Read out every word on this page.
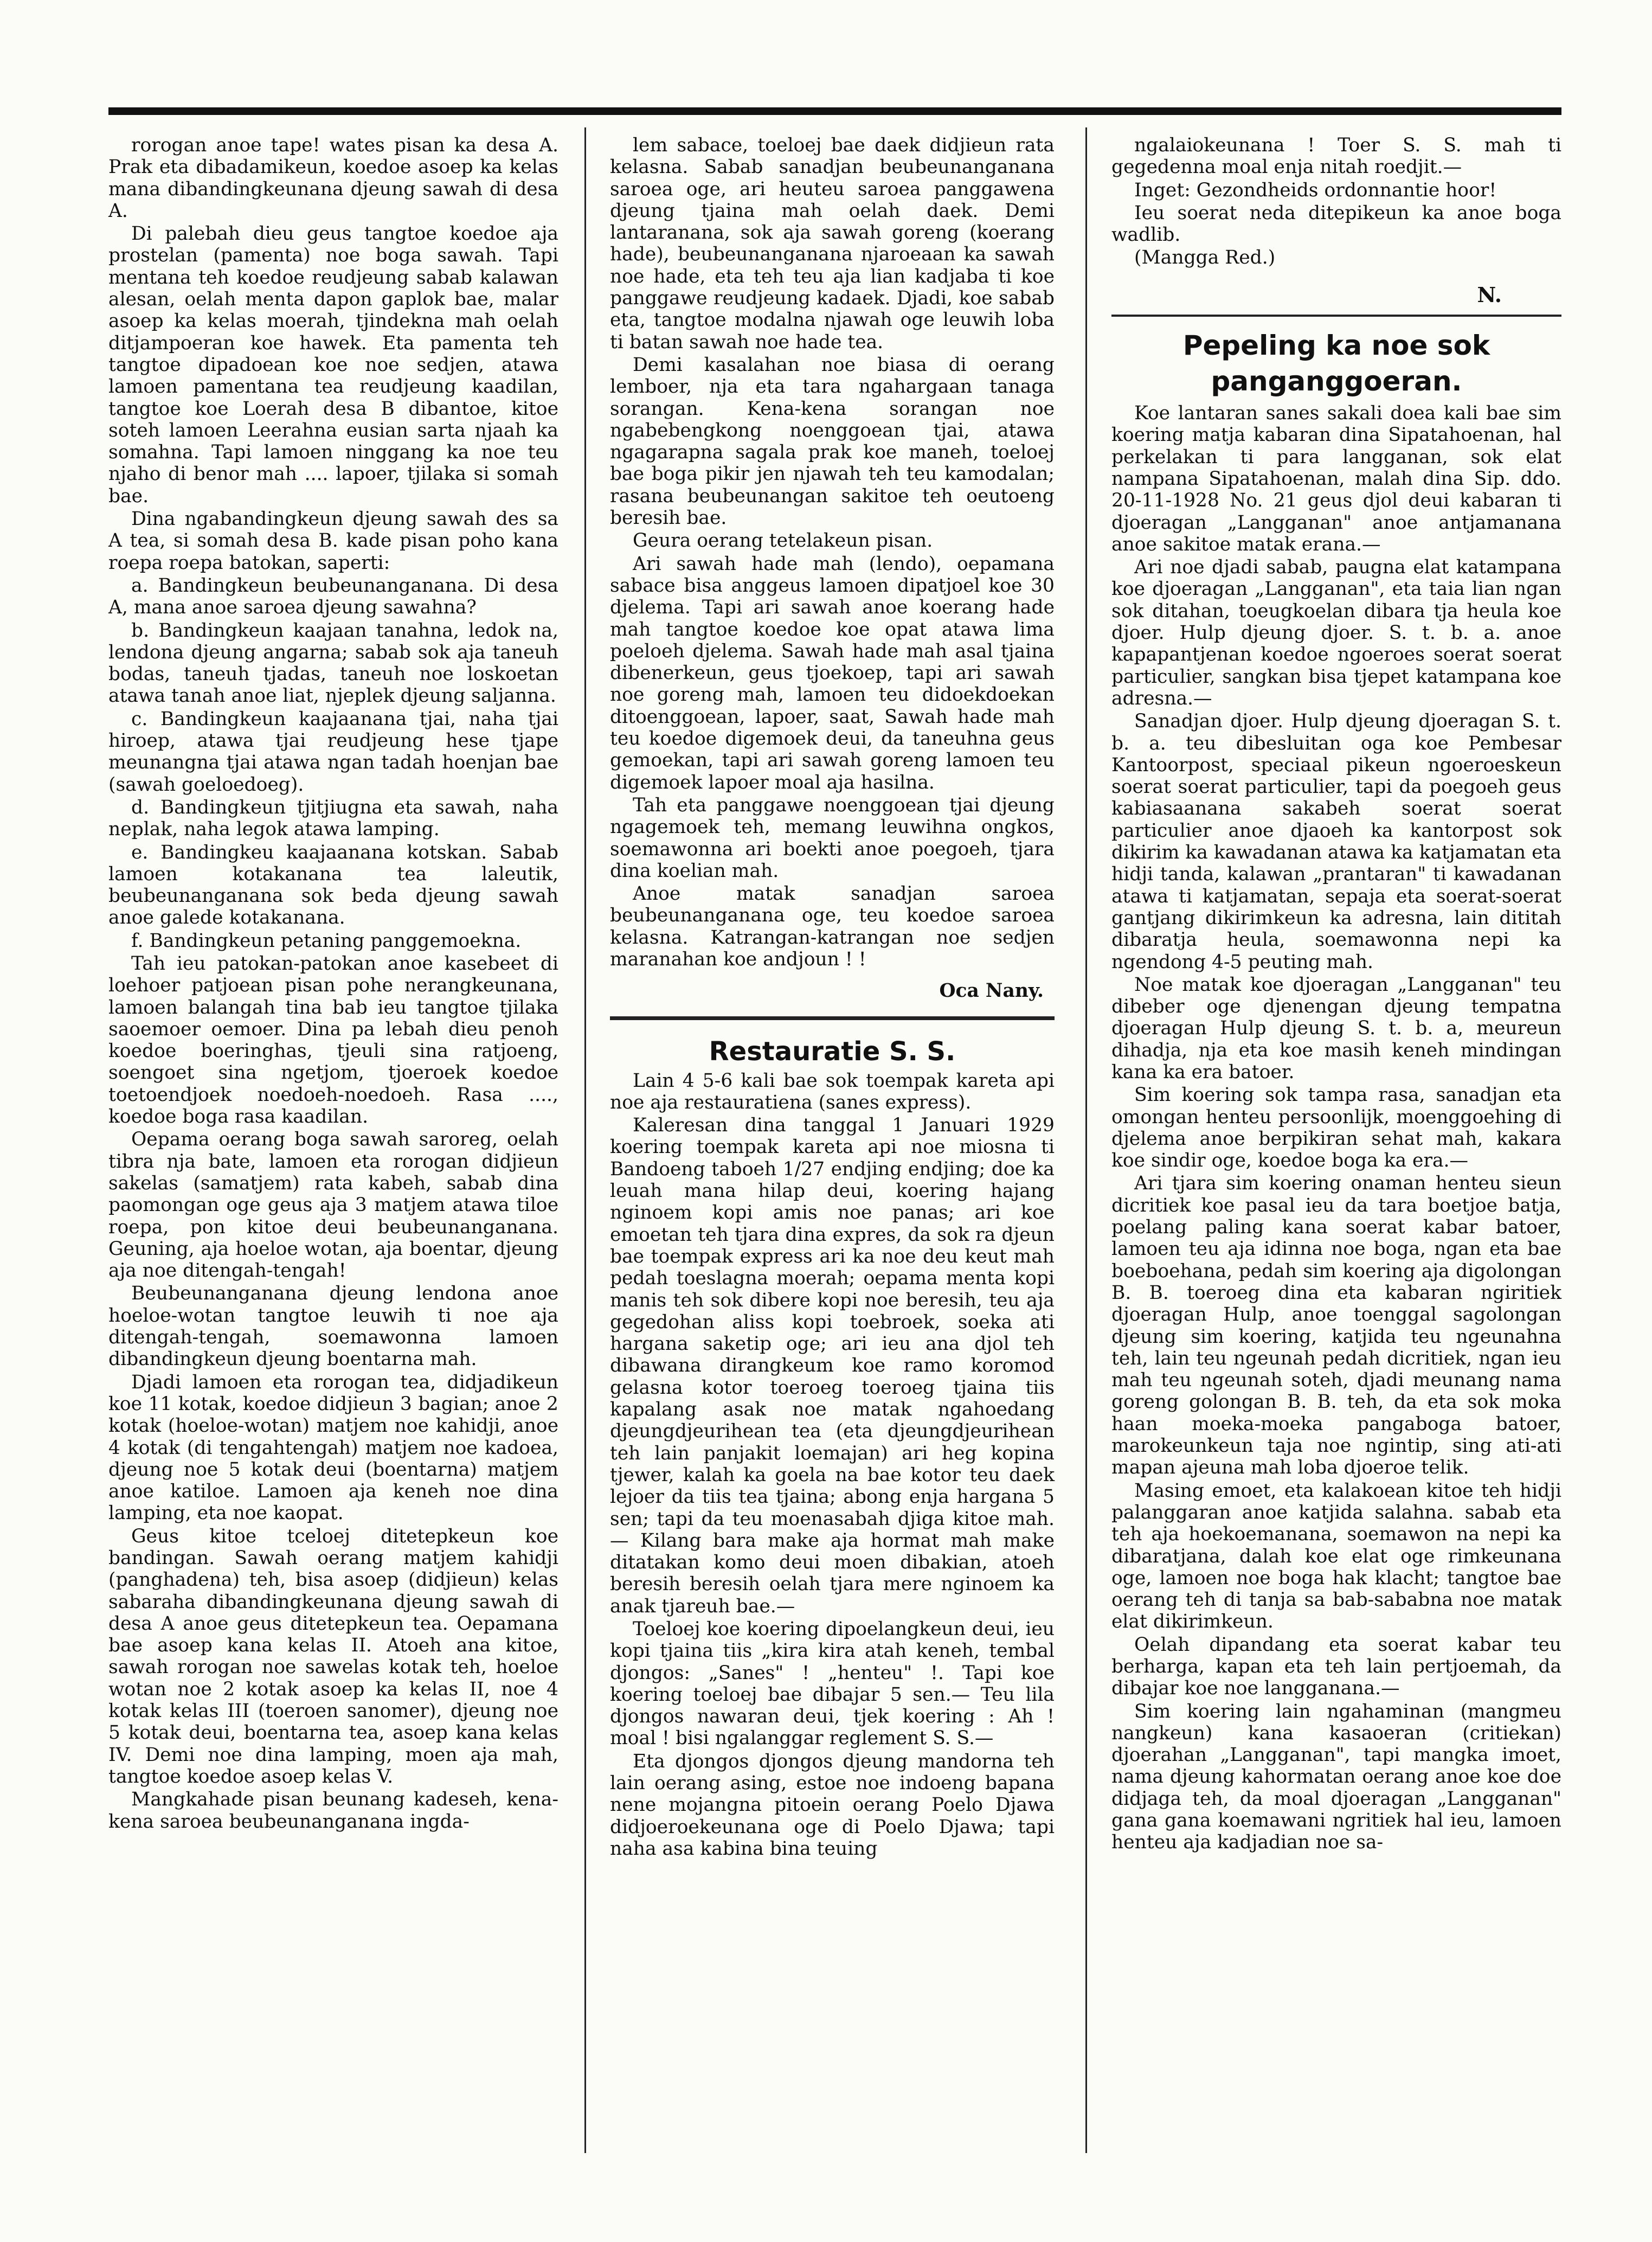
rorogan anoe tape! wates pisan ka desa A. Prak eta dibadamikeun, koedoe asoep ka kelas mana dibandingkeunana djeung sawah di desa A.

Di palebah dieu geus tangtoe koedoe aja prostelan (pamenta) noe boga sawah. Tapi mentana teh koedoe reudjeung sabab kalawan alesan, oelah menta dapon gaplok bae, malar asoep ka kelas moerah, tjindekna mah oelah ditjampoeran koe hawek. Eta pamenta teh tangtoe dipadoean koe noe sedjen, atawa lamoen pamentana tea reudjeung kaadilan, tangtoe koe Loerah desa B dibantoe, kitoe soteh lamoen Leerahna eusian sarta njaah ka somahna. Tapi lamoen ninggang ka noe teu njaho di benor mah .... lapoer, tjilaka si somah bae.

Dina ngabandingkeun djeung sawah des sa A tea, si somah desa B. kade pisan poho kana roepa roepa batokan, saperti:

a. Bandingkeun beubeunanganana. Di desa A, mana anoe saroea djeung sawahna?

b. Bandingkeun kaajaan tanahna, ledok na, lendona djeung angarna; sabab sok aja taneuh bodas, taneuh tjadas, taneuh noe loskoetan atawa tanah anoe liat, njeplek djeung saljanna.

c. Bandingkeun kaajaanana tjai, naha tjai hiroep, atawa tjai reudjeung hese tjape meunangna tjai atawa ngan tadah hoenjan bae (sawah goeloedoeg).

d. Bandingkeun tjitjiugna eta sawah, naha neplak, naha legok atawa lamping.

e. Bandingkeu kaajaanana kotskan. Sabab lamoen kotakanana tea laleutik, beubeunanganana sok beda djeung sawah anoe galede kotakanana.

f. Bandingkeun petaning panggemoekna.

Tah ieu patokan-patokan anoe kasebeet di loehoer patjoean pisan pohe nerangkeunana, lamoen balangah tina bab ieu tangtoe tjilaka saoemoer oemoer. Dina pa lebah dieu penoh koedoe boeringhas, tjeuli sina ratjoeng, soengoet sina ngetjom, tjoeroek koedoe toetoendjoek noedoeh-noedoeh. Rasa ...., koedoe boga rasa kaadilan.

Oepama oerang boga sawah saroreg, oelah tibra nja bate, lamoen eta rorogan didjieun sakelas (samatjem) rata kabeh, sabab dina paomongan oge geus aja 3 matjem atawa tiloe roepa, pon kitoe deui beubeunanganana. Geuning, aja hoeloe wotan, aja boentar, djeung aja noe ditengah-tengah!

Beubeunanganana djeung lendona anoe hoeloe-wotan tangtoe leuwih ti noe aja ditengah-tengah, soemawonna lamoen dibandingkeun djeung boentarna mah.

Djadi lamoen eta rorogan tea, didjadikeun koe 11 kotak, koedoe didjieun 3 bagian; anoe 2 kotak (hoeloe-wotan) matjem noe kahidji, anoe 4 kotak (di tengahtengah) matjem noe kadoea, djeung noe 5 kotak deui (boentarna) matjem anoe katiloe. Lamoen aja keneh noe dina lamping, eta noe kaopat.

Geus kitoe tceloej ditetepkeun koe bandingan. Sawah oerang matjem kahidji (panghadena) teh, bisa asoep (didjieun) kelas sabaraha dibandingkeunana djeung sawah di desa A anoe geus ditetepkeun tea. Oepamana bae asoep kana kelas II. Atoeh ana kitoe, sawah rorogan noe sawelas kotak teh, hoeloe wotan noe 2 kotak asoep ka kelas II, noe 4 kotak kelas III (toeroen sanomer), djeung noe 5 kotak deui, boentarna tea, asoep kana kelas IV. Demi noe dina lamping, moen aja mah, tangtoe koedoe asoep kelas V.

Mangkahade pisan beunang kadeseh, kena-kena saroea beubeunanganana ingda-

lem sabace, toeloej bae daek didjieun rata kelasna. Sabab sanadjan beubeunanganana saroea oge, ari heuteu saroea panggawena djeung tjaina mah oelah daek. Demi lantaranana, sok aja sawah goreng (koerang hade), beubeunanganana njaroeaan ka sawah noe hade, eta teh teu aja lian kadjaba ti koe panggawe reudjeung kadaek. Djadi, koe sabab eta, tangtoe modalna njawah oge leuwih loba ti batan sawah noe hade tea.

Demi kasalahan noe biasa di oerang lemboer, nja eta tara ngahargaan tanaga sorangan. Kena-kena sorangan noe ngabebengkong noenggoean tjai, atawa ngagarapna sagala prak koe maneh, toeloej bae boga pikir jen njawah teh teu kamodalan; rasana beubeunangan sakitoe teh oeutoeng beresih bae.

Geura oerang tetelakeun pisan.

Ari sawah hade mah (lendo), oepamana sabace bisa anggeus lamoen dipatjoel koe 30 djelema. Tapi ari sawah anoe koerang hade mah tangtoe koedoe koe opat atawa lima poeloeh djelema. Sawah hade mah asal tjaina dibenerkeun, geus tjoekoep, tapi ari sawah noe goreng mah, lamoen teu didoekdoekan ditoenggoean, lapoer, saat, Sawah hade mah teu koedoe digemoek deui, da taneuhna geus gemoekan, tapi ari sawah goreng lamoen teu digemoek lapoer moal aja hasilna.

Tah eta panggawe noenggoean tjai djeung ngagemoek teh, memang leuwihna ongkos, soemawonna ari boekti anoe poegoeh, tjara dina koelian mah.

Anoe matak sanadjan saroea beubeunanganana oge, teu koedoe saroea kelasna. Katrangan-katrangan noe sedjen maranahan koe andjoun ! !

Oca Nany.
Restauratie S. S.

Lain 4 5-6 kali bae sok toempak kareta api noe aja restauratiena (sanes express).

Kaleresan dina tanggal 1 Januari 1929 koering toempak kareta api noe miosna ti Bandoeng taboeh 1/27 endjing endjing; doe ka leuah mana hilap deui, koering hajang nginoem kopi amis noe panas; ari koe emoetan teh tjara dina expres, da sok ra djeun bae toempak express ari ka noe deu keut mah pedah toeslagna moerah; oepama menta kopi manis teh sok dibere kopi noe beresih, teu aja gegedohan aliss kopi toebroek, soeka ati hargana saketip oge; ari ieu ana djol teh dibawana dirangkeum koe ramo koromod gelasna kotor toeroeg toeroeg tjaina tiis kapalang asak noe matak ngahoedang djeungdjeurihean tea (eta djeungdjeurihean teh lain panjakit loemajan) ari heg kopina tjewer, kalah ka goela na bae kotor teu daek lejoer da tiis tea tjaina; abong enja hargana 5 sen; tapi da teu moenasabah djiga kitoe mah.— Kilang bara make aja hormat mah make ditatakan komo deui moen dibakian, atoeh beresih beresih oelah tjara mere nginoem ka anak tjareuh bae.—

Toeloej koe koering dipoelangkeun deui, ieu kopi tjaina tiis „kira kira atah keneh, tembal djongos: „Sanes" ! „henteu" !. Tapi koe koering toeloej bae dibajar 5 sen.— Teu lila djongos nawaran deui, tjek koering : Ah ! moal ! bisi ngalanggar reglement S. S.—

Eta djongos djongos djeung mandorna teh lain oerang asing, estoe noe indoeng bapana nene mojangna pitoein oerang Poelo Djawa didjoeroekeunana oge di Poelo Djawa; tapi naha asa kabina bina teuing

ngalaiokeunana ! Toer S. S. mah ti gegedenna moal enja nitah roedjit.—

Inget: Gezondheids ordonnantie hoor!

Ieu soerat neda ditepikeun ka anoe boga wadlib.

(Mangga Red.)

N.
Pepeling ka noe sok panganggoeran.

Koe lantaran sanes sakali doea kali bae sim koering matja kabaran dina Sipatahoenan, hal perkelakan ti para langganan, sok elat nampana Sipatahoenan, malah dina Sip. ddo. 20-11-1928 No. 21 geus djol deui kabaran ti djoeragan „Langganan" anoe antjamanana anoe sakitoe matak erana.—

Ari noe djadi sabab, paugna elat katampana koe djoeragan „Langganan", eta taia lian ngan sok ditahan, toeugkoelan dibara tja heula koe djoer. Hulp djeung djoer. S. t. b. a. anoe kapapantjenan koedoe ngoeroes soerat soerat particulier, sangkan bisa tjepet katampana koe adresna.—

Sanadjan djoer. Hulp djeung djoeragan S. t. b. a. teu dibesluitan oga koe Pembesar Kantoorpost, speciaal pikeun ngoeroeskeun soerat soerat particulier, tapi da poegoeh geus kabiasaanana sakabeh soerat soerat particulier anoe djaoeh ka kantorpost sok dikirim ka kawadanan atawa ka katjamatan eta hidji tanda, kalawan „prantaran" ti kawadanan atawa ti katjamatan, sepaja eta soerat-soerat gantjang dikirimkeun ka adresna, lain dititah dibaratja heula, soemawonna nepi ka ngendong 4-5 peuting mah.

Noe matak koe djoeragan „Langganan" teu dibeber oge djenengan djeung tempatna djoeragan Hulp djeung S. t. b. a, meureun dihadja, nja eta koe masih keneh mindingan kana ka era batoer.

Sim koering sok tampa rasa, sanadjan eta omongan henteu persoonlijk, moenggoehing di djelema anoe berpikiran sehat mah, kakara koe sindir oge, koedoe boga ka era.—

Ari tjara sim koering onaman henteu sieun dicritiek koe pasal ieu da tara boetjoe batja, poelang paling kana soerat kabar batoer, lamoen teu aja idinna noe boga, ngan eta bae boeboehana, pedah sim koering aja digolongan B. B. toeroeg dina eta kabaran ngiritiek djoeragan Hulp, anoe toenggal sagolongan djeung sim koering, katjida teu ngeunahna teh, lain teu ngeunah pedah dicritiek, ngan ieu mah teu ngeunah soteh, djadi meunang nama goreng golongan B. B. teh, da eta sok moka haan moeka-moeka pangaboga batoer, marokeunkeun taja noe ngintip, sing ati-ati mapan ajeuna mah loba djoeroe telik.

Masing emoet, eta kalakoean kitoe teh hidji palanggaran anoe katjida salahna. sabab eta teh aja hoekoemanana, soemawon na nepi ka dibaratjana, dalah koe elat oge rimkeunana oge, lamoen noe boga hak klacht; tangtoe bae oerang teh di tanja sa bab-sababna noe matak elat dikirimkeun.

Oelah dipandang eta soerat kabar teu berharga, kapan eta teh lain pertjoemah, da dibajar koe noe langganana.—

Sim koering lain ngahaminan (mangmeu nangkeun) kana kasaoeran (critiekan) djoerahan „Langganan", tapi mangka imoet, nama djeung kahormatan oerang anoe koe doe didjaga teh, da moal djoeragan „Langganan" gana gana koemawani ngritiek hal ieu, lamoen henteu aja kadjadian noe sa-
